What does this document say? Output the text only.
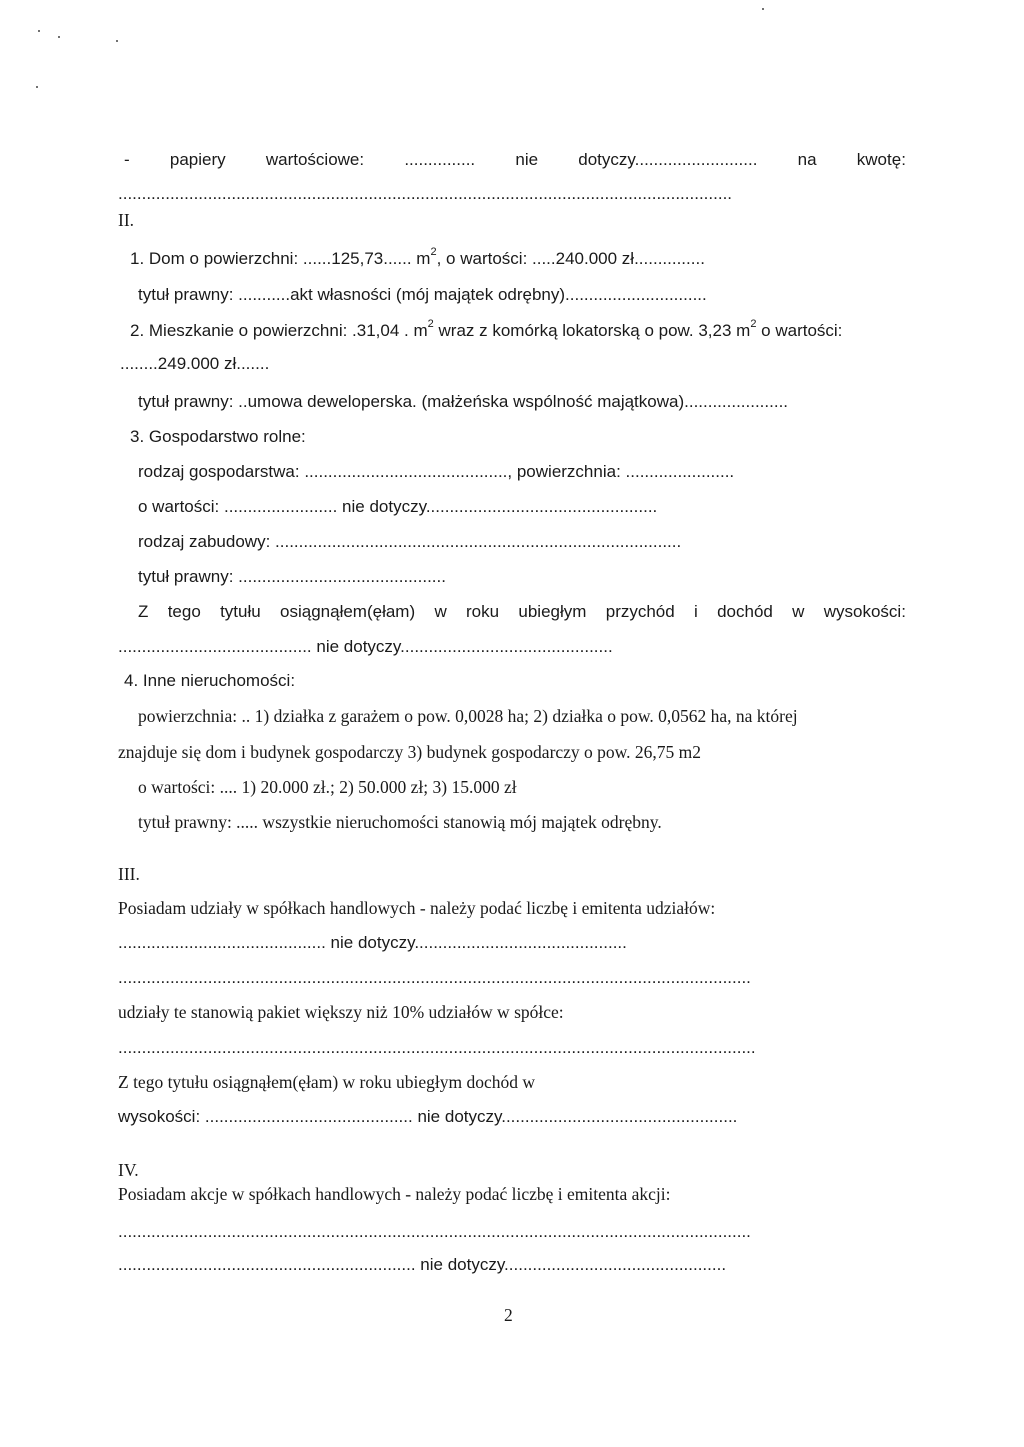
- papiery wartościowe: ............... nie dotyczy.......................... na kwotę:
..................................................................................................................................
II.
1. Dom o powierzchni: ......125,73...... $m^2$, o wartości: .....240.000 zł...............
tytuł prawny: ...........akt własności (mój majątek odrębny)..............................
2. Mieszkanie o powierzchni: .31,04 . $m^2$ wraz z komórką lokatorską o pow. 3,23 $m^2$ o wartości:
........249.000 zł.......
tytuł prawny: ..umowa deweloperska. (małżeńska wspólność majątkowa)......................
3. Gospodarstwo rolne:
rodzaj gospodarstwa: ..........................................., powierzchnia: .......................
o wartości: ........................ nie dotyczy.................................................
rodzaj zabudowy: ......................................................................................
tytuł prawny: ............................................
Z tego tytułu osiągnąłem(ęłam) w roku ubiegłym przychód i dochód w wysokości:
......................................... nie dotyczy.............................................
4. Inne nieruchomości:
powierzchnia: .. 1) działka z garażem o pow. 0,0028 ha; 2) działka o pow. 0,0562 ha, na której
znajduje się dom i budynek gospodarczy 3) budynek gospodarczy o pow. 26,75 m2
o wartości: .... 1) 20.000 zł.; 2) 50.000 zł; 3) 15.000 zł
tytuł prawny: ..... wszystkie nieruchomości stanowią mój majątek odrębny.
III.
Posiadam udziały w spółkach handlowych - należy podać liczbę i emitenta udziałów:
............................................ nie dotyczy.............................................
......................................................................................................................................
udziały te stanowią pakiet większy niż 10% udziałów w spółce:
.......................................................................................................................................
Z tego tytułu osiągnąłem(ęłam) w roku ubiegłym dochód w
wysokości: ............................................ nie dotyczy..................................................
IV.
Posiadam akcje w spółkach handlowych - należy podać liczbę i emitenta akcji:
......................................................................................................................................
............................................................... nie dotyczy...............................................
2
